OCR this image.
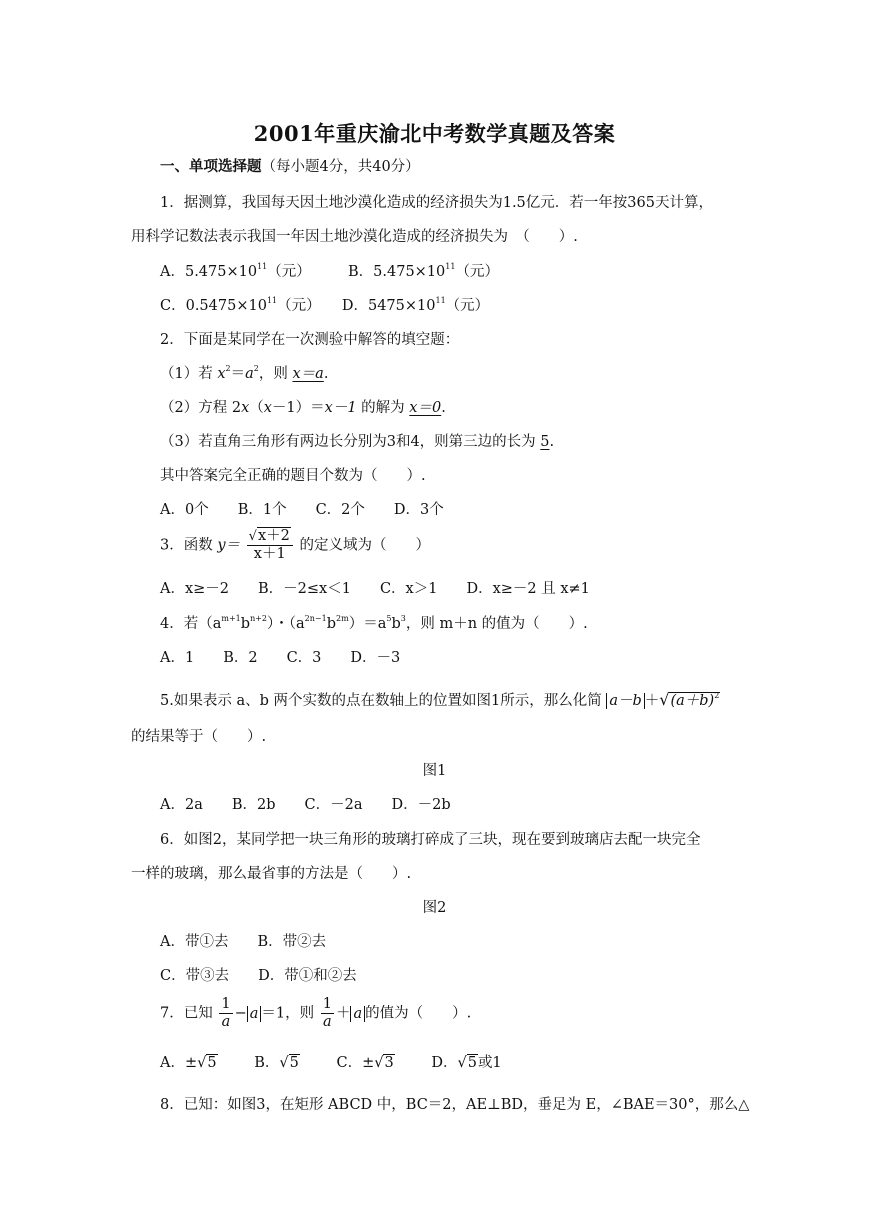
2001年重庆渝北中考数学真题及答案
一、单项选择题（每小题4分，共40分）
1．据测算，我国每天因土地沙漠化造成的经济损失为1.5亿元．若一年按365天计算，
用科学记数法表示我国一年因土地沙漠化造成的经济损失为　（　　）.
A．$5.475\times 10^{11}$（元）	B．$5.475\times 10^{11}$（元）
C．$0.5475\times 10^{11}$（元） D．$5475\times 10^{11}$（元）
2．下面是某同学在一次测验中解答的填空题：
（1）若 $x^2=a^2$，则 x＝a.
（2）方程 2x（x－1）＝x－1 的解为 x＝0.
（3）若直角三角形有两边长分别为3和4，则第三边的长为 5.
其中答案完全正确的题目个数为（　　）.
A．0个　　B．1个　　C．2个　　D．3个
3．函数 $y= \frac{√x+2}{x+1}$ 的定义域为（　　）
A．x≥－2　　B．－2≤x＜1　　C．x＞1　　D．x≥－2 且 x≠1
4．若$(a^{m+1}b^{n+2})$・$(a^{2n-1}b^{2m})=a^5b^3$，则 m＋n 的值为（　　）.
A．1　　B．2　　C．3　　D．－3
5.如果表示 a、b 两个实数的点在数轴上的位置如图1所示，那么化简 $a-b +√(a+b)^2$
的结果等于（　　）.
图1
A．2a　　B．2b　　C．－2a　　D．－2b
6．如图2，某同学把一块三角形的玻璃打碎成了三块，现在要到玻璃店去配一块完全
一样的玻璃，那么最省事的方法是（　　）.
图2
A．带①去　　B．带②去
C．带③去　　D．带①和②去
7．已知 $\frac{1}{a} - a =1$，则 $\frac{1}{a} + a$ 的值为（　　）.
A．±√5	B．√5	C．±√3	D．√5或1
8．已知：如图3，在矩形 ABCD 中，BC＝2，AE⊥BD，垂足为 E，∠BAE＝30°，那么△
